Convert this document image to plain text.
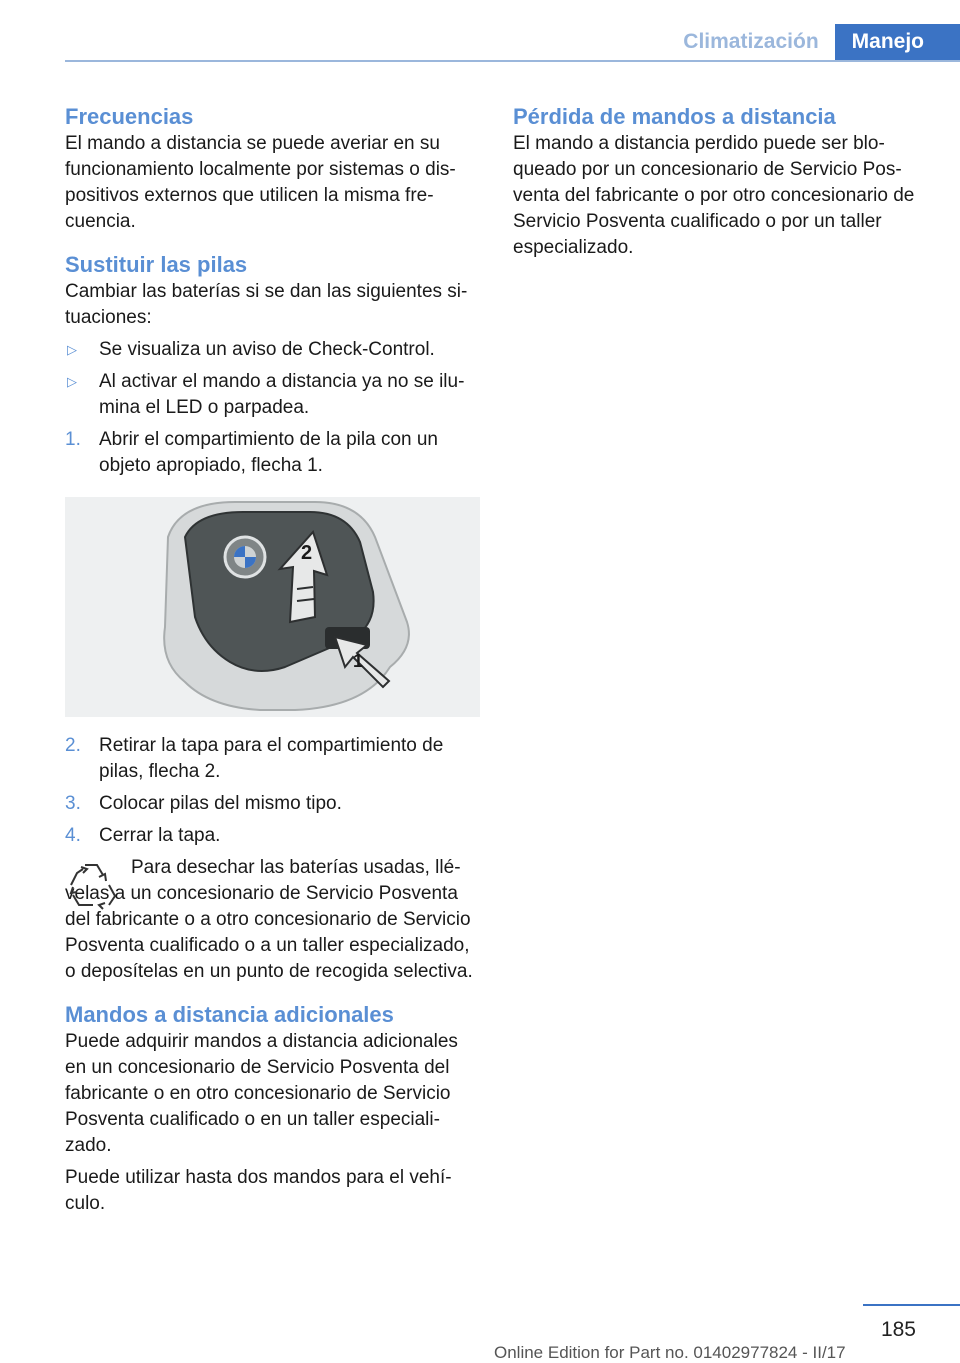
Climatización	Manejo
Frecuencias

El mando a distancia se puede averiar en su funcionamiento localmente por sistemas o dispositivos externos que utilicen la misma frecuencia.

Sustituir las pilas

Cambiar las baterías si se dan las siguientes situaciones:

▷	Se visualiza un aviso de Check-Control.
▷	Al activar el mando a distancia ya no se ilumina el LED o parpadea.
1. Abrir el compartimiento de la pila con un objeto apropiado, flecha 1.
2
1
2. Retirar la tapa para el compartimiento de pilas, flecha 2.
3. Colocar pilas del mismo tipo.
4. Cerrar la tapa.
Para desechar las baterías usadas, llévelas a un concesionario de Servicio Posventa del fabricante o a otro concesionario de Servicio Posventa cualificado o a un taller especializado, o deposítelas en un punto de recogida selectiva.
Mandos a distancia adicionales

Puede adquirir mandos a distancia adicionales en un concesionario de Servicio Posventa del fabricante o en otro concesionario de Servicio Posventa cualificado o en un taller especializado.

Puede utilizar hasta dos mandos para el vehículo.

Pérdida de mandos a distancia

El mando a distancia perdido puede ser bloqueado por un concesionario de Servicio Posventa del fabricante o por otro concesionario de Servicio Posventa cualificado o por un taller especializado.

185
Online Edition for Part no. 01402977824 - II/17
